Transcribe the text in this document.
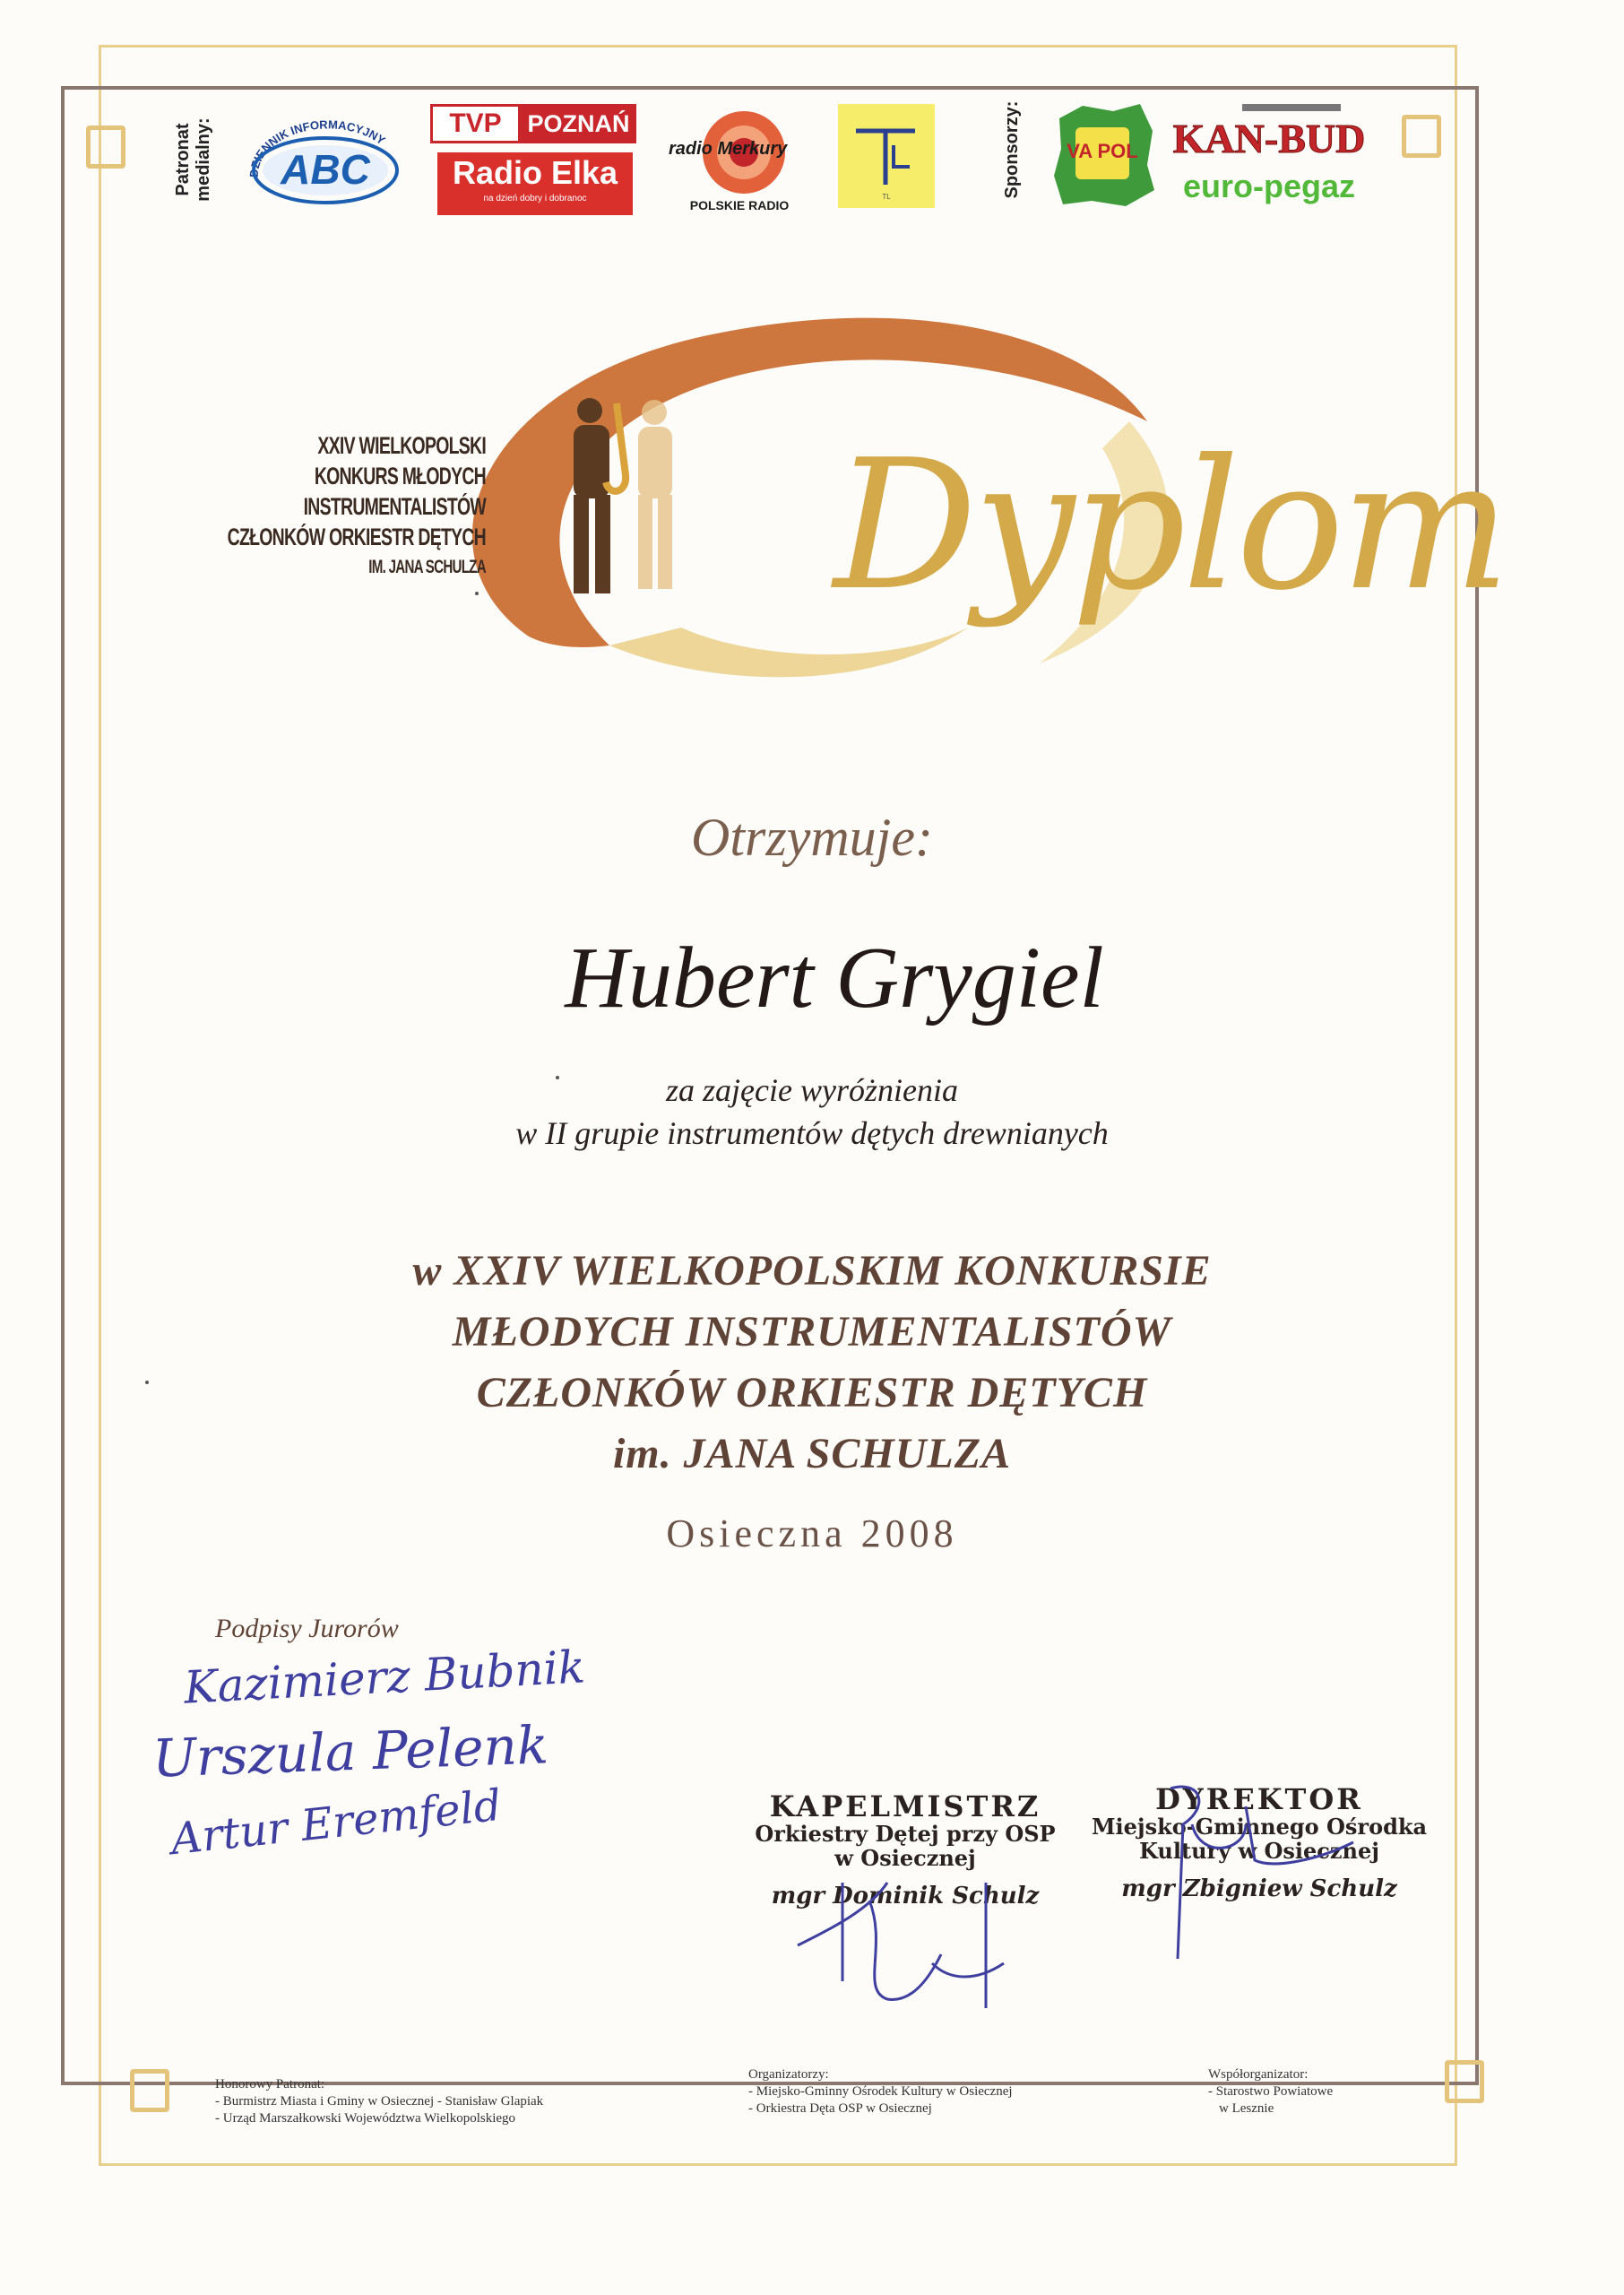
Patronat medialny:	DZIENNIK INFORMACYJNY
ABC
TVP	POZNAŃ
Radio Elka
na dzień dobry i dobranoc
radio Merkury
POLSKIE RADIO
TL	Sponsorzy: VA POL KAN-BUD
euro-pegaz
XXIV WIELKOPOLSKI
KONKURS MŁODYCH INSTRUMENTALISTÓW
CZŁONKÓW ORKIESTR DĘTYCH
IM. JANA SCHULZA Dyplom
Otrzymuje:
Hubert Grygiel
za zajęcie wyróżnienia
w II grupie instrumentów dętych drewnianych
w XXIV WIELKOPOLSKIM KONKURSIE
MŁODYCH INSTRUMENTALISTÓW
CZŁONKÓW ORKIESTR DĘTYCH
im. JANA SCHULZA
Osieczna 2008
Podpisy Jurorów
Kazimierz Bubnik
Urszula Pelenk
Artur Eremfeld	KAPELMISTRZ
Orkiestry Dętej przy OSP
w Osiecznej
mgr Dominik Schulz
DYREKTOR
Miejsko-Gminnego Ośrodka
Kultury w Osiecznej
mgr Zbigniew Schulz
Honorowy Patronat:
- Burmistrz Miasta i Gminy w Osiecznej - Stanisław Glapiak
- Urząd Marszałkowski Województwa Wielkopolskiego
Organizatorzy:
- Miejsko-Gminny Ośrodek Kultury w Osiecznej
- Orkiestra Dęta OSP w Osiecznej
Współorganizator:
- Starostwo Powiatowe
w Lesznie
